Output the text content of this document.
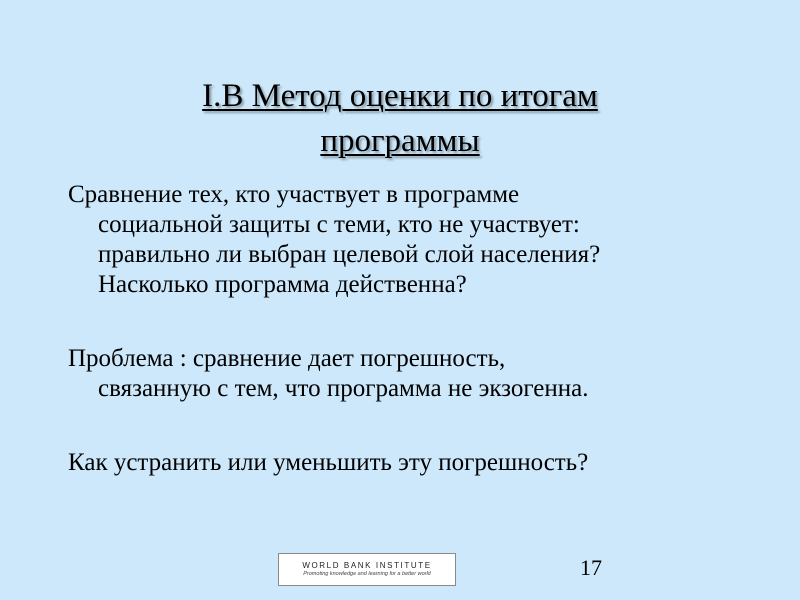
I.B Метод оценки по итогам
программы

Сравнение тех, кто участвует в программе
социальной защиты с теми, кто не участвует:
правильно ли выбран целевой слой населения?
Насколько программа действенна?

Проблема : сравнение дает погрешность,
связанную с тем, что программа не экзогенна.

Как устранить или уменьшить эту погрешность?

WORLD BANK INSTITUTE
Promoting knowledge and learning for a better world	17
